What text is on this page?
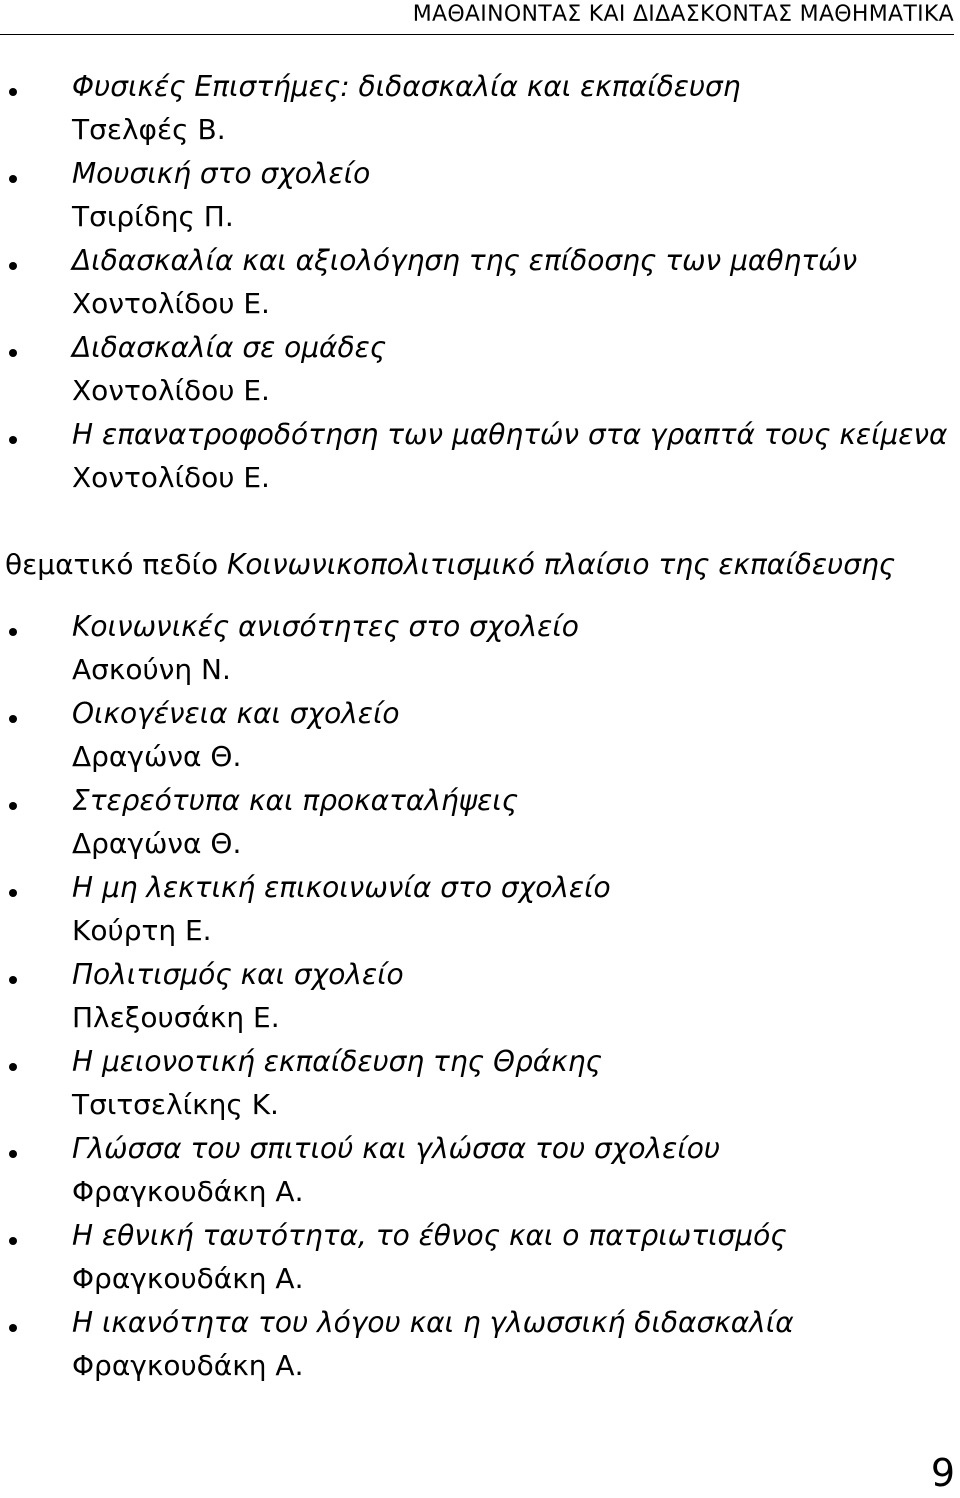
ΜΑΘΑΙΝΟΝΤΑΣ ΚΑΙ ΔΙΔΑΣΚΟΝΤΑΣ ΜΑΘΗΜΑΤΙΚΑ
Φυσικές Επιστήμες: διδασκαλία και εκπαίδευση
Τσελφές Β.
Μουσική στο σχολείο
Τσιρίδης Π.
Διδασκαλία και αξιολόγηση της επίδοσης των μαθητών
Χοντολίδου Ε.
Διδασκαλία σε ομάδες
Χοντολίδου Ε.
Η επανατροφοδότηση των μαθητών στα γραπτά τους κείμενα
Χοντολίδου Ε.
θεματικό πεδίο Κοινωνικοπολιτισμικό πλαίσιο της εκπαίδευσης
Κοινωνικές ανισότητες στο σχολείο
Ασκούνη Ν.
Οικογένεια και σχολείο
Δραγώνα Θ.
Στερεότυπα και προκαταλήψεις
Δραγώνα Θ.
Η μη λεκτική επικοινωνία στο σχολείο
Κούρτη Ε.
Πολιτισμός και σχολείο
Πλεξουσάκη Ε.
Η μειονοτική εκπαίδευση της Θράκης
Τσιτσελίκης Κ.
Γλώσσα του σπιτιού και γλώσσα του σχολείου
Φραγκουδάκη Α.
Η εθνική ταυτότητα, το έθνος και ο πατριωτισμός
Φραγκουδάκη Α.
Η ικανότητα του λόγου και η γλωσσική διδασκαλία
Φραγκουδάκη Α.
9
